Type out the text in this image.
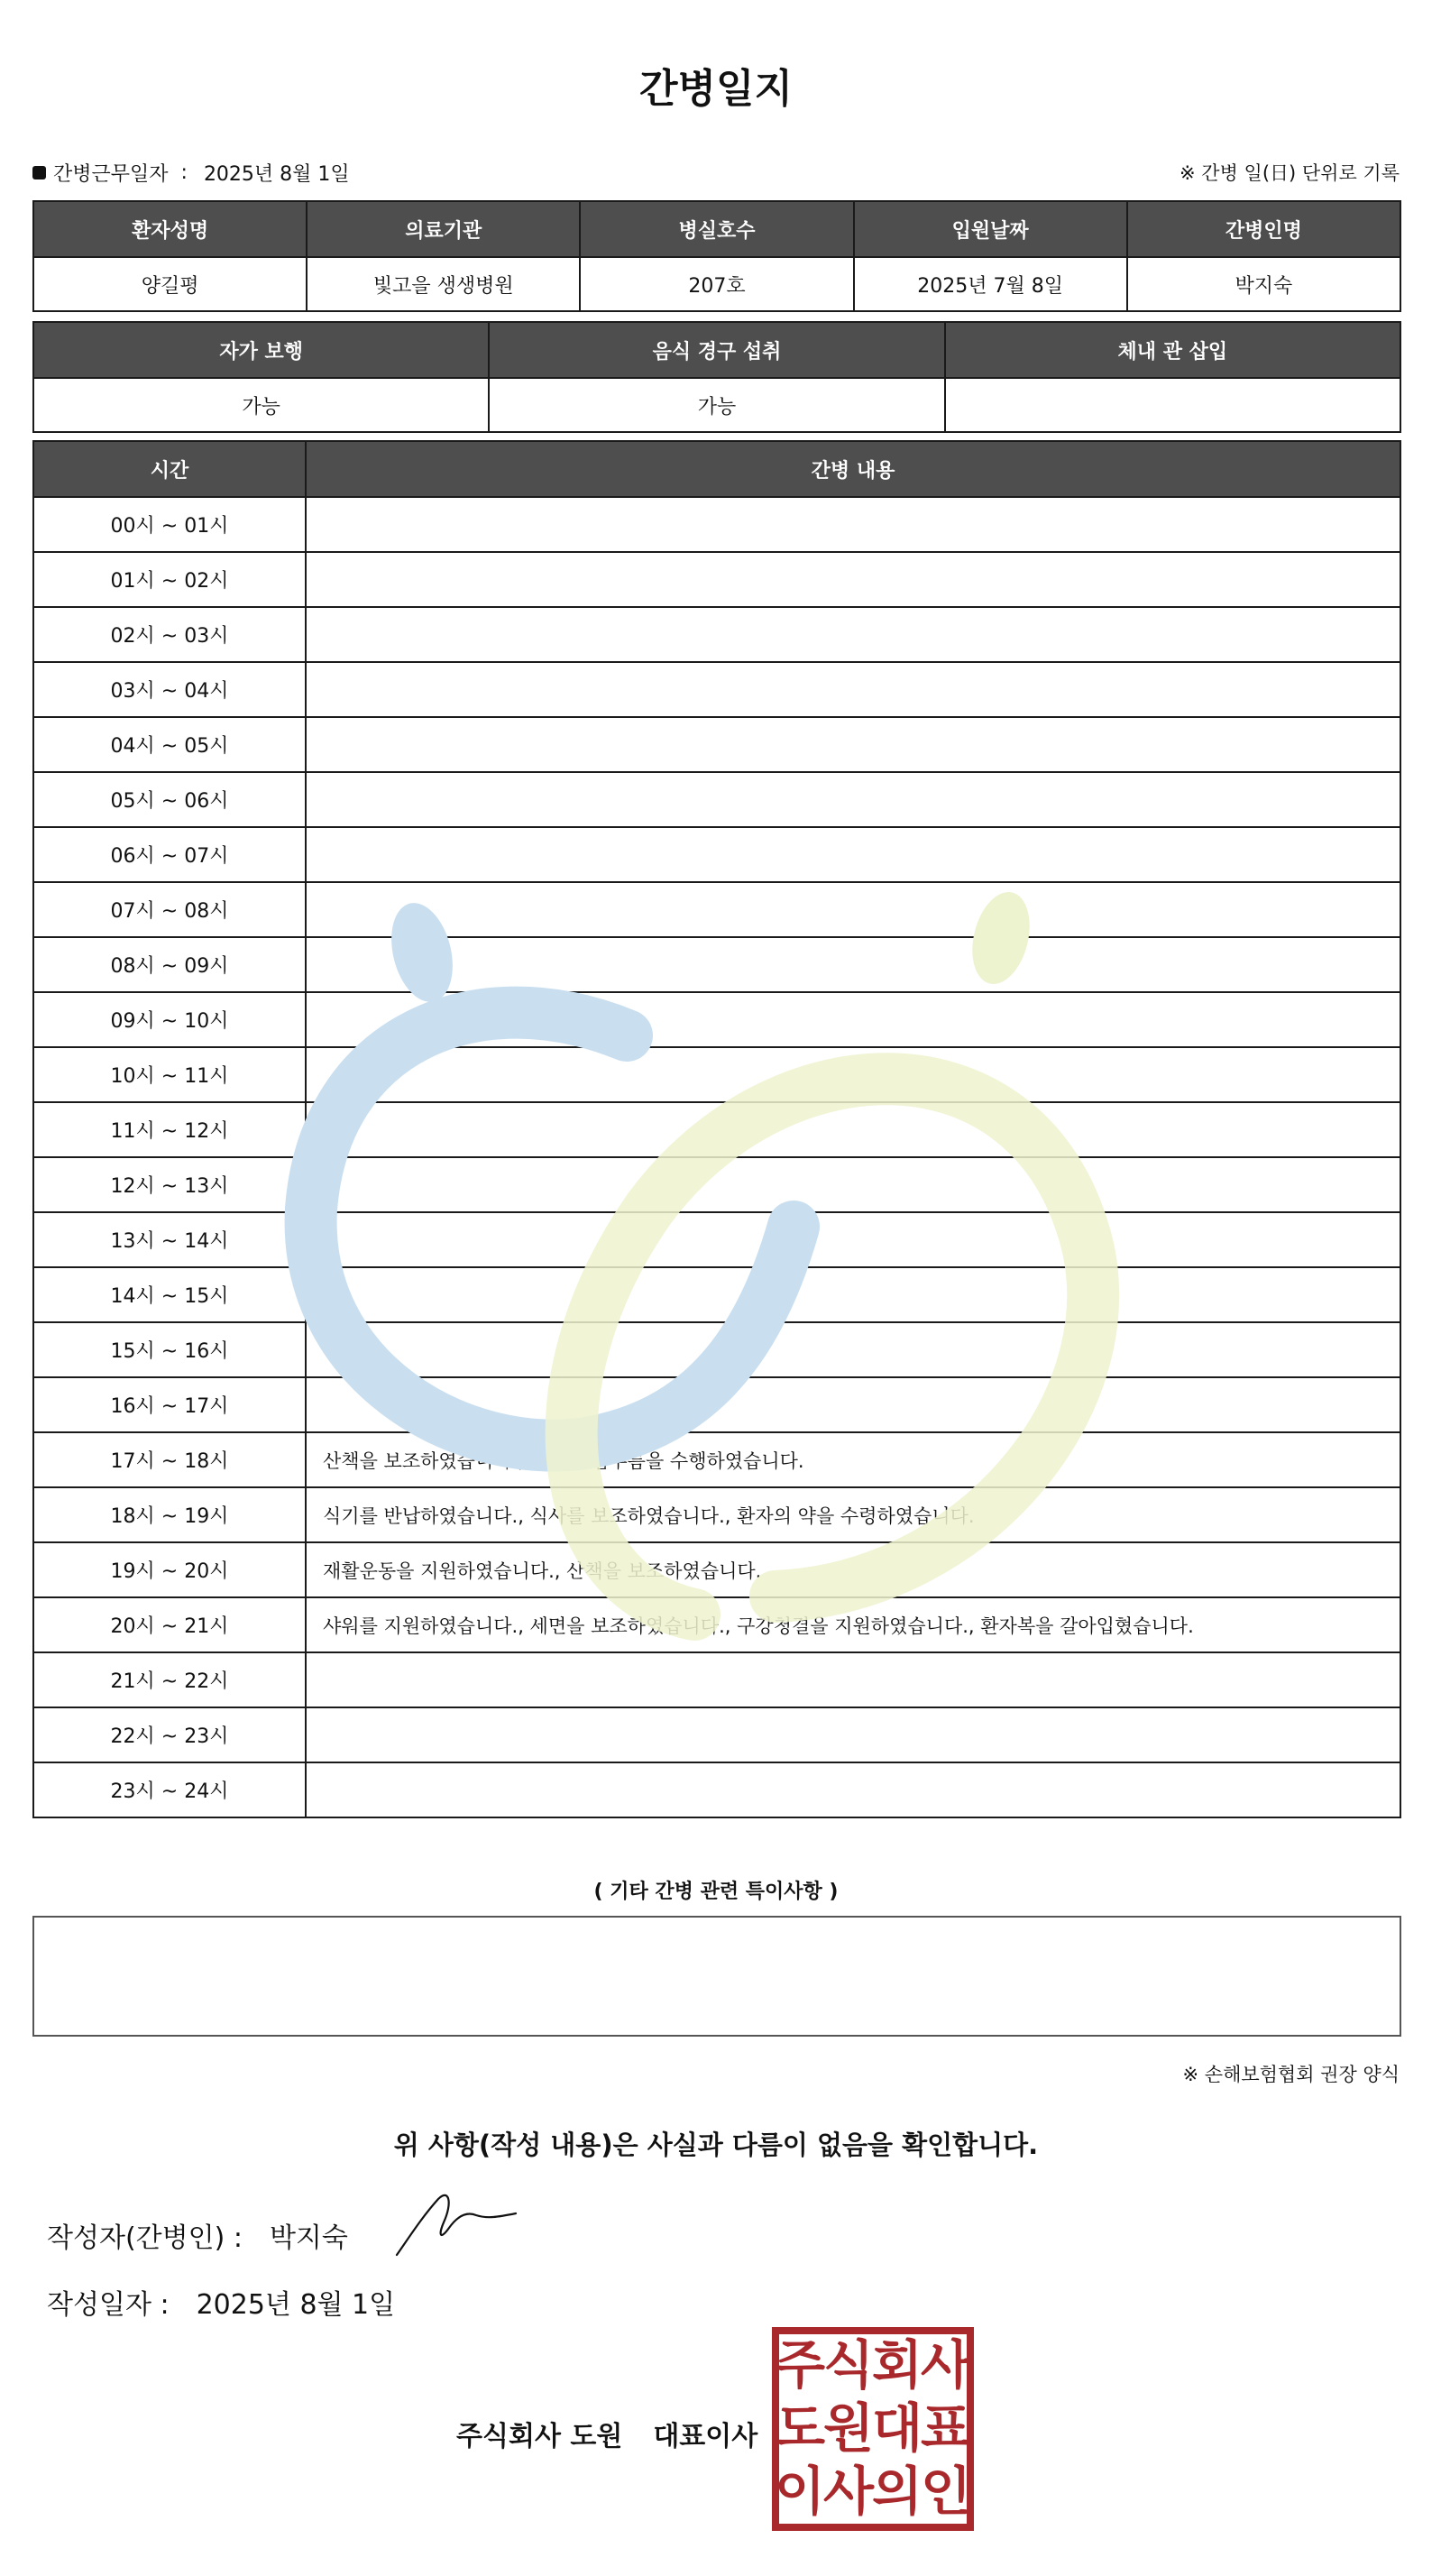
간병일지
간병근무일자 : 2025년 8월 1일	※ 간병 일(日) 단위로 기록
환자성명	의료기관	병실호수	입원날짜	간병인명
양길평	빛고을 생생병원	207호	2025년 7월 8일	박지숙
자가 보행	음식 경구 섭취	체내 관 삽입
가능	가능	
시간	간병 내용
00시 ~ 01시	
01시 ~ 02시	
02시 ~ 03시	
03시 ~ 04시	
04시 ~ 05시	
05시 ~ 06시	
06시 ~ 07시	
07시 ~ 08시	
08시 ~ 09시	
09시 ~ 10시	
10시 ~ 11시	
11시 ~ 12시	
12시 ~ 13시	
13시 ~ 14시	
14시 ~ 15시	
15시 ~ 16시	
16시 ~ 17시	
17시 ~ 18시	산책을 보조하였습니다., 환자의 심부름을 수행하였습니다.
18시 ~ 19시	식기를 반납하였습니다., 식사를 보조하였습니다., 환자의 약을 수령하였습니다.
19시 ~ 20시	재활운동을 지원하였습니다., 산책을 보조하였습니다.
20시 ~ 21시	샤워를 지원하였습니다., 세면을 보조하였습니다., 구강청결을 지원하였습니다., 환자복을 갈아입혔습니다.
21시 ~ 22시	
22시 ~ 23시	
23시 ~ 24시	
( 기타 간병 관련 특이사항 )
※ 손해보험협회 권장 양식
위 사항(작성 내용)은 사실과 다름이 없음을 확인합니다.
작성자(간병인) : 박지숙
작성일자 : 2025년 8월 1일
주식회사 도원 대표이사
주
식
회
사
도
원
대
표
이
사
의
인
